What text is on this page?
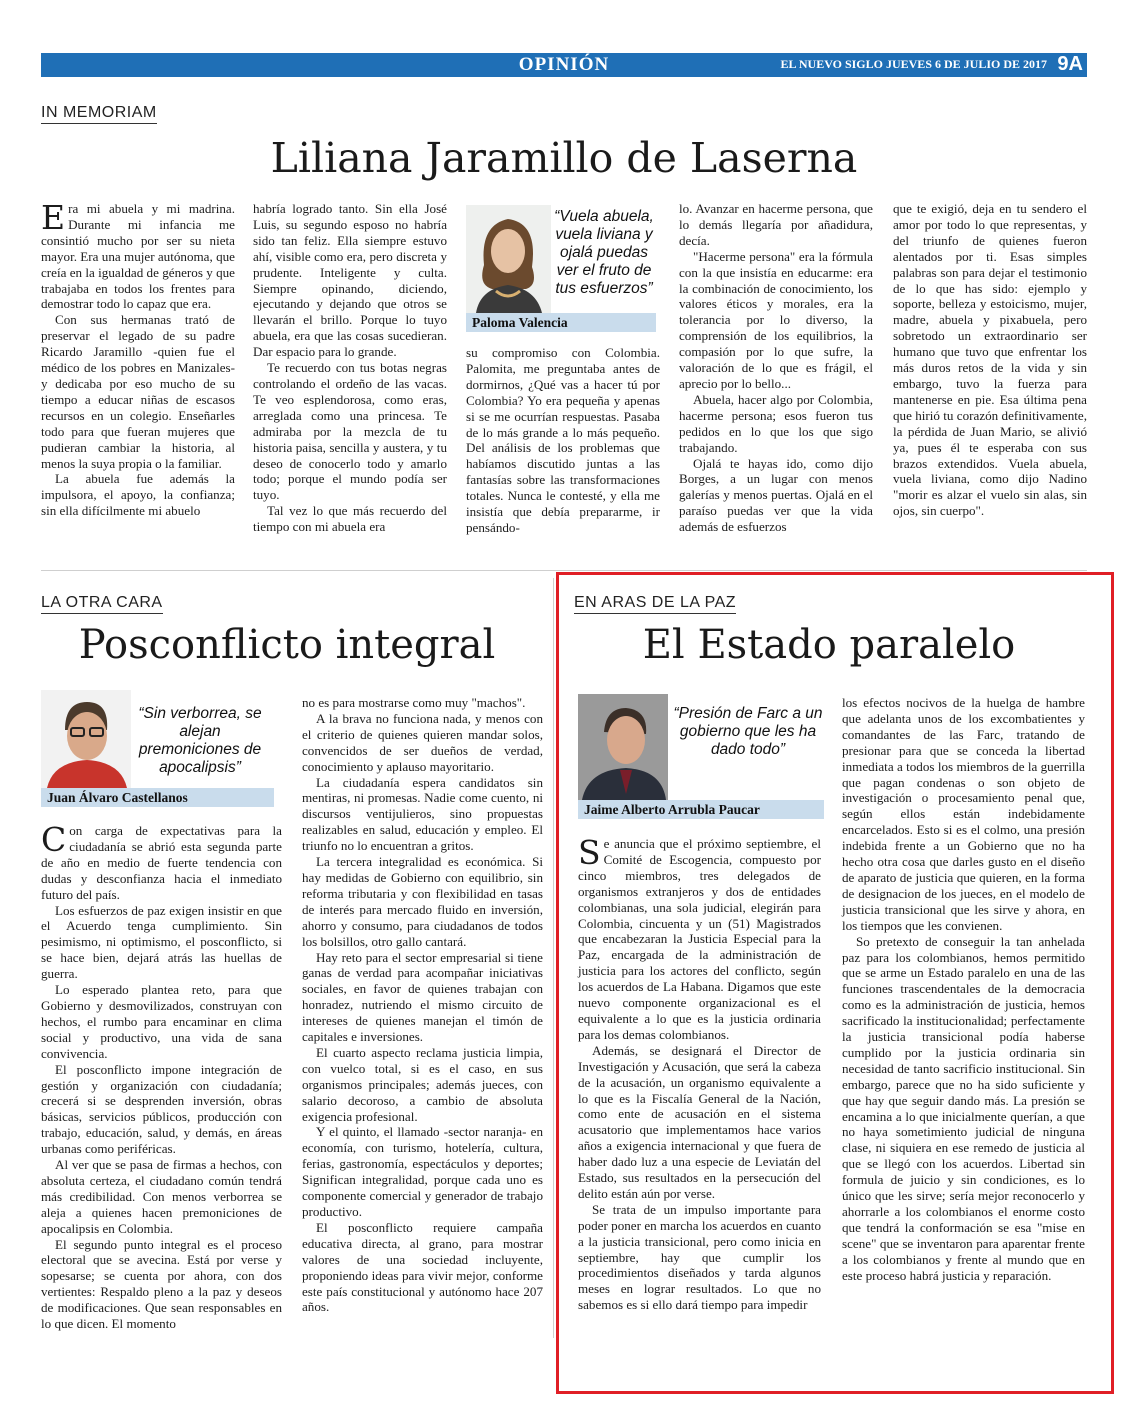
OPINIÓN	EL NUEVO SIGLO JUEVES 6 DE JULIO DE 2017 9A
IN MEMORIAM
Liliana Jaramillo de Laserna

Era mi abuela y mi madrina. Durante mi infancia me consintió mucho por ser su nieta mayor. Era una mujer autónoma, que creía en la igualdad de géneros y que trabajaba en todos los frentes para demostrar todo lo capaz que era.

Con sus hermanas trató de preservar el legado de su padre Ricardo Jaramillo -quien fue el médico de los pobres en Manizales- y dedicaba por eso mucho de su tiempo a educar niñas de escasos recursos en un colegio. Enseñarles todo para que fueran mujeres que pudieran cambiar la historia, al menos la suya propia o la familiar.

La abuela fue además la impulsora, el apoyo, la confianza; sin ella difícilmente mi abuelo

habría logrado tanto. Sin ella José Luis, su segundo esposo no habría sido tan feliz. Ella siempre estuvo ahí, visible como era, pero discreta y prudente. Inteligente y culta. Siempre opinando, diciendo, ejecutando y dejando que otros se llevarán el brillo. Porque lo tuyo abuela, era que las cosas sucedieran. Dar espacio para lo grande.

Te recuerdo con tus botas negras controlando el ordeño de las vacas. Te veo esplendorosa, como eras, arreglada como una princesa. Te admiraba por la mezcla de tu historia paisa, sencilla y austera, y tu deseo de conocerlo todo y amarlo todo; porque el mundo podía ser tuyo.

Tal vez lo que más recuerdo del tiempo con mi abuela era

“Vuela abuela, vuela liviana y ojalá puedas ver el fruto de tus esfuerzos”
Paloma Valencia

su compromiso con Colombia. Palomita, me preguntaba antes de dormirnos, ¿Qué vas a hacer tú por Colombia? Yo era pequeña y apenas si se me ocurrían respuestas. Pasaba de lo más grande a lo más pequeño. Del análisis de los problemas que habíamos discutido juntas a las fantasías sobre las transformaciones totales. Nunca le contesté, y ella me insistía que debía prepararme, ir pensándo-

lo. Avanzar en hacerme persona, que lo demás llegaría por añadidura, decía.

"Hacerme persona" era la fórmula con la que insistía en educarme: era la combinación de conocimiento, los valores éticos y morales, era la tolerancia por lo diverso, la comprensión de los equilibrios, la compasión por lo que sufre, la valoración de lo que es frágil, el aprecio por lo bello...

Abuela, hacer algo por Colombia, hacerme persona; esos fueron tus pedidos en lo que los que sigo trabajando.

Ojalá te hayas ido, como dijo Borges, a un lugar con menos galerías y menos puertas. Ojalá en el paraíso puedas ver que la vida además de esfuerzos

que te exigió, deja en tu sendero el amor por todo lo que representas, y del triunfo de quienes fueron alentados por ti. Esas simples palabras son para dejar el testimonio de lo que has sido: ejemplo y soporte, belleza y estoicismo, mujer, madre, abuela y pixabuela, pero sobretodo un extraordinario ser humano que tuvo que enfrentar los más duros retos de la vida y sin embargo, tuvo la fuerza para mantenerse en pie. Esa última pena que hirió tu corazón definitivamente, la pérdida de Juan Mario, se alivió ya, pues él te esperaba con sus brazos extendidos. Vuela abuela, vuela liviana, como dijo Nadino "morir es alzar el vuelo sin alas, sin ojos, sin cuerpo".

LA OTRA CARA
Posconflicto integral
“Sin verborrea, se alejan premoniciones de apocalipsis”
Juan Álvaro Castellanos

Con carga de expectativas para la ciudadanía se abrió esta segunda parte de año en medio de fuerte tendencia con dudas y desconfianza hacia el inmediato futuro del país.

Los esfuerzos de paz exigen insistir en que el Acuerdo tenga cumplimiento. Sin pesimismo, ni optimismo, el posconflicto, si se hace bien, dejará atrás las huellas de guerra.

Lo esperado plantea reto, para que Gobierno y desmovilizados, construyan con hechos, el rumbo para encaminar en clima social y productivo, una vida de sana convivencia.

El posconflicto impone integración de gestión y organización con ciudadanía; crecerá si se desprenden inversión, obras básicas, servicios públicos, producción con trabajo, educación, salud, y demás, en áreas urbanas como periféricas.

Al ver que se pasa de firmas a hechos, con absoluta certeza, el ciudadano común tendrá más credibilidad. Con menos verborrea se aleja a quienes hacen premoniciones de apocalipsis en Colombia.

El segundo punto integral es el proceso electoral que se avecina. Está por verse y sopesarse; se cuenta por ahora, con dos vertientes: Respaldo pleno a la paz y deseos de modificaciones. Que sean responsables en lo que dicen. El momento

no es para mostrarse como muy "machos".

A la brava no funciona nada, y menos con el criterio de quienes quieren mandar solos, convencidos de ser dueños de verdad, conocimiento y aplauso mayoritario.

La ciudadanía espera candidatos sin mentiras, ni promesas. Nadie come cuento, ni discursos ventijulieros, sino propuestas realizables en salud, educación y empleo. El triunfo no lo encuentran a gritos.

La tercera integralidad es económica. Si hay medidas de Gobierno con equilibrio, sin reforma tributaria y con flexibilidad en tasas de interés para mercado fluido en inversión, ahorro y consumo, para ciudadanos de todos los bolsillos, otro gallo cantará.

Hay reto para el sector empresarial si tiene ganas de verdad para acompañar iniciativas sociales, en favor de quienes trabajan con honradez, nutriendo el mismo circuito de intereses de quienes manejan el timón de capitales e inversiones.

El cuarto aspecto reclama justicia limpia, con vuelco total, si es el caso, en sus organismos principales; además jueces, con salario decoroso, a cambio de absoluta exigencia profesional.

Y el quinto, el llamado -sector naranja- en economía, con turismo, hotelería, cultura, ferias, gastronomía, espectáculos y deportes; Significan integralidad, porque cada uno es componente comercial y generador de trabajo productivo.

El posconflicto requiere campaña educativa directa, al grano, para mostrar valores de una sociedad incluyente, proponiendo ideas para vivir mejor, conforme este país constitucional y autónomo hace 207 años.

EN ARAS DE LA PAZ
El Estado paralelo
“Presión de Farc a un gobierno que les ha dado todo”
Jaime Alberto Arrubla Paucar

Se anuncia que el próximo septiembre, el Comité de Escogencia, compuesto por cinco miembros, tres delegados de organismos extranjeros y dos de entidades colombianas, una sola judicial, elegirán para Colombia, cincuenta y un (51) Magistrados que encabezaran la Justicia Especial para la Paz, encargada de la administración de justicia para los actores del conflicto, según los acuerdos de La Habana. Digamos que este nuevo componente organizacional es el equivalente a lo que es la justicia ordinaria para los demas colombianos.

Además, se designará el Director de Investigación y Acusación, que será la cabeza de la acusación, un organismo equivalente a lo que es la Fiscalía General de la Nación, como ente de acusación en el sistema acusatorio que implementamos hace varios años a exigencia internacional y que fuera de haber dado luz a una especie de Leviatán del Estado, sus resultados en la persecución del delito están aún por verse.

Se trata de un impulso importante para poder poner en marcha los acuerdos en cuanto a la justicia transicional, pero como inicia en septiembre, hay que cumplir los procedimientos diseñados y tarda algunos meses en lograr resultados. Lo que no sabemos es si ello dará tiempo para impedir

los efectos nocivos de la huelga de hambre que adelanta unos de los excombatientes y comandantes de las Farc, tratando de presionar para que se conceda la libertad inmediata a todos los miembros de la guerrilla que pagan condenas o son objeto de investigación o procesamiento penal que, según ellos están indebidamente encarcelados. Esto si es el colmo, una presión indebida frente a un Gobierno que no ha hecho otra cosa que darles gusto en el diseño de aparato de justicia que quieren, en la forma de designacion de los jueces, en el modelo de justicia transicional que les sirve y ahora, en los tiempos que les convienen.

So pretexto de conseguir la tan anhelada paz para los colombianos, hemos permitido que se arme un Estado paralelo en una de las funciones trascendentales de la democracia como es la administración de justicia, hemos sacrificado la institucionalidad; perfectamente la justicia transicional podía haberse cumplido por la justicia ordinaria sin necesidad de tanto sacrificio institucional. Sin embargo, parece que no ha sido suficiente y que hay que seguir dando más. La presión se encamina a lo que inicialmente querían, a que no haya sometimiento judicial de ninguna clase, ni siquiera en ese remedo de justicia al que se llegó con los acuerdos. Libertad sin formula de juicio y sin condiciones, es lo único que les sirve; sería mejor reconocerlo y ahorrarle a los colombianos el enorme costo que tendrá la conformación se esa "mise en scene" que se inventaron para aparentar frente a los colombianos y frente al mundo que en este proceso habrá justicia y reparación.
